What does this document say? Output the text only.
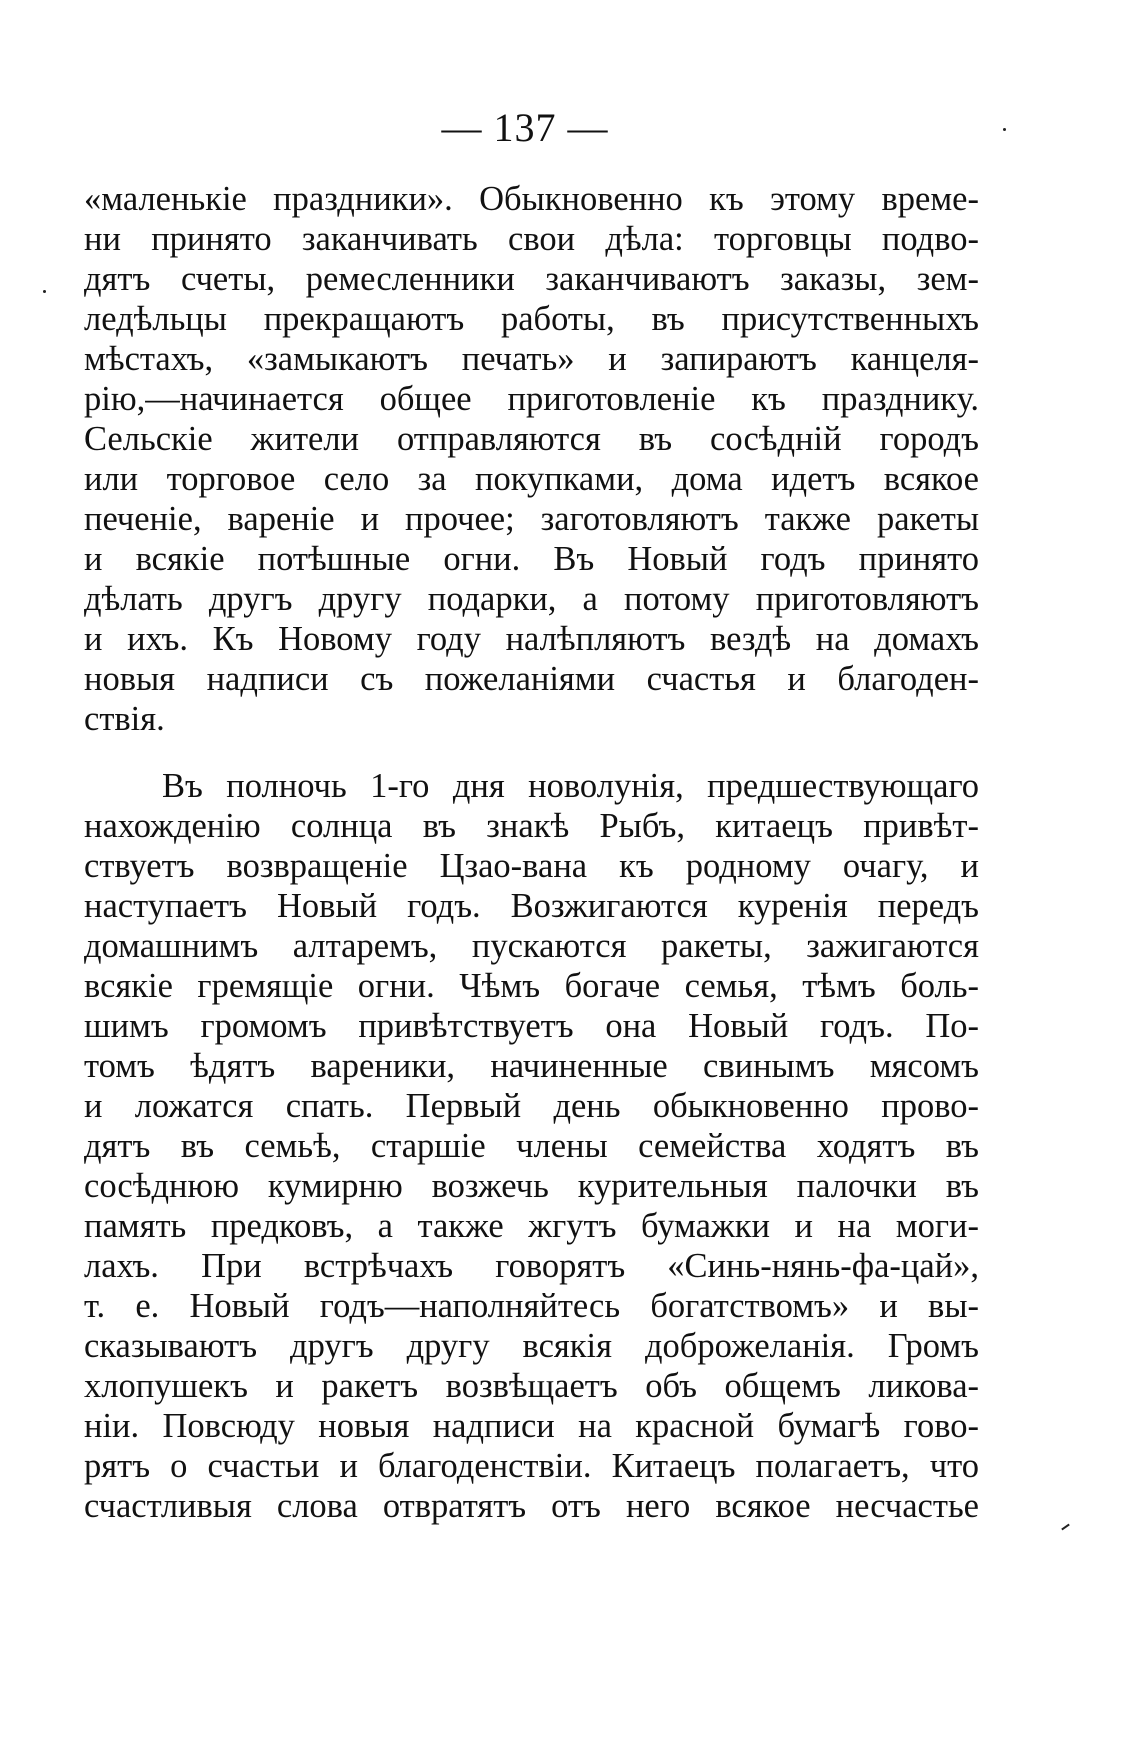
— 137 —
«маленькіе праздники». Обыкновенно къ этому време-
ни принято заканчивать свои дѣла: торговцы подво-
дятъ счеты, ремесленники заканчиваютъ заказы, зем-
ледѣльцы прекращаютъ работы, въ присутственныхъ
мѣстахъ, «замыкаютъ печать» и запираютъ канцеля-
рію,—начинается общее приготовленіе къ празднику.
Сельскіе жители отправляются въ сосѣдній городъ
или торговое село за покупками, дома идетъ всякое
печеніе, вареніе и прочее; заготовляютъ также ракеты
и всякіе потѣшные огни. Въ Новый годъ принято
дѣлать другъ другу подарки, а потому приготовляютъ
и ихъ. Къ Новому году налѣпляютъ вездѣ на домахъ
новыя надписи съ пожеланіями счастья и благоден-
ствія.
Въ полночь 1-го дня новолунія, предшествующаго
нахожденію солнца въ знакѣ Рыбъ, китаецъ привѣт-
ствуетъ возвращеніе Цзао-вана къ родному очагу, и
наступаетъ Новый годъ. Возжигаются куренія передъ
домашнимъ алтаремъ, пускаются ракеты, зажигаются
всякіе гремящіе огни. Чѣмъ богаче семья, тѣмъ боль-
шимъ громомъ привѣтствуетъ она Новый годъ. По-
томъ ѣдятъ вареники, начиненные свинымъ мясомъ
и ложатся спать. Первый день обыкновенно прово-
дятъ въ семьѣ, старшіе члены семейства ходятъ въ
сосѣднюю кумирню возжечь курительныя палочки въ
память предковъ, а также жгутъ бумажки и на моги-
лахъ. При встрѣчахъ говорятъ «Синь-нянь-фа-цай»,
т. е. Новый годъ—наполняйтесь богатствомъ» и вы-
сказываютъ другъ другу всякія доброжеланія. Громъ
хлопушекъ и ракетъ возвѣщаетъ объ общемъ ликова-
ніи. Повсюду новыя надписи на красной бумагѣ гово-
рятъ о счастьи и благоденствіи. Китаецъ полагаетъ, что
счастливыя слова отвратятъ отъ него всякое несчастье
